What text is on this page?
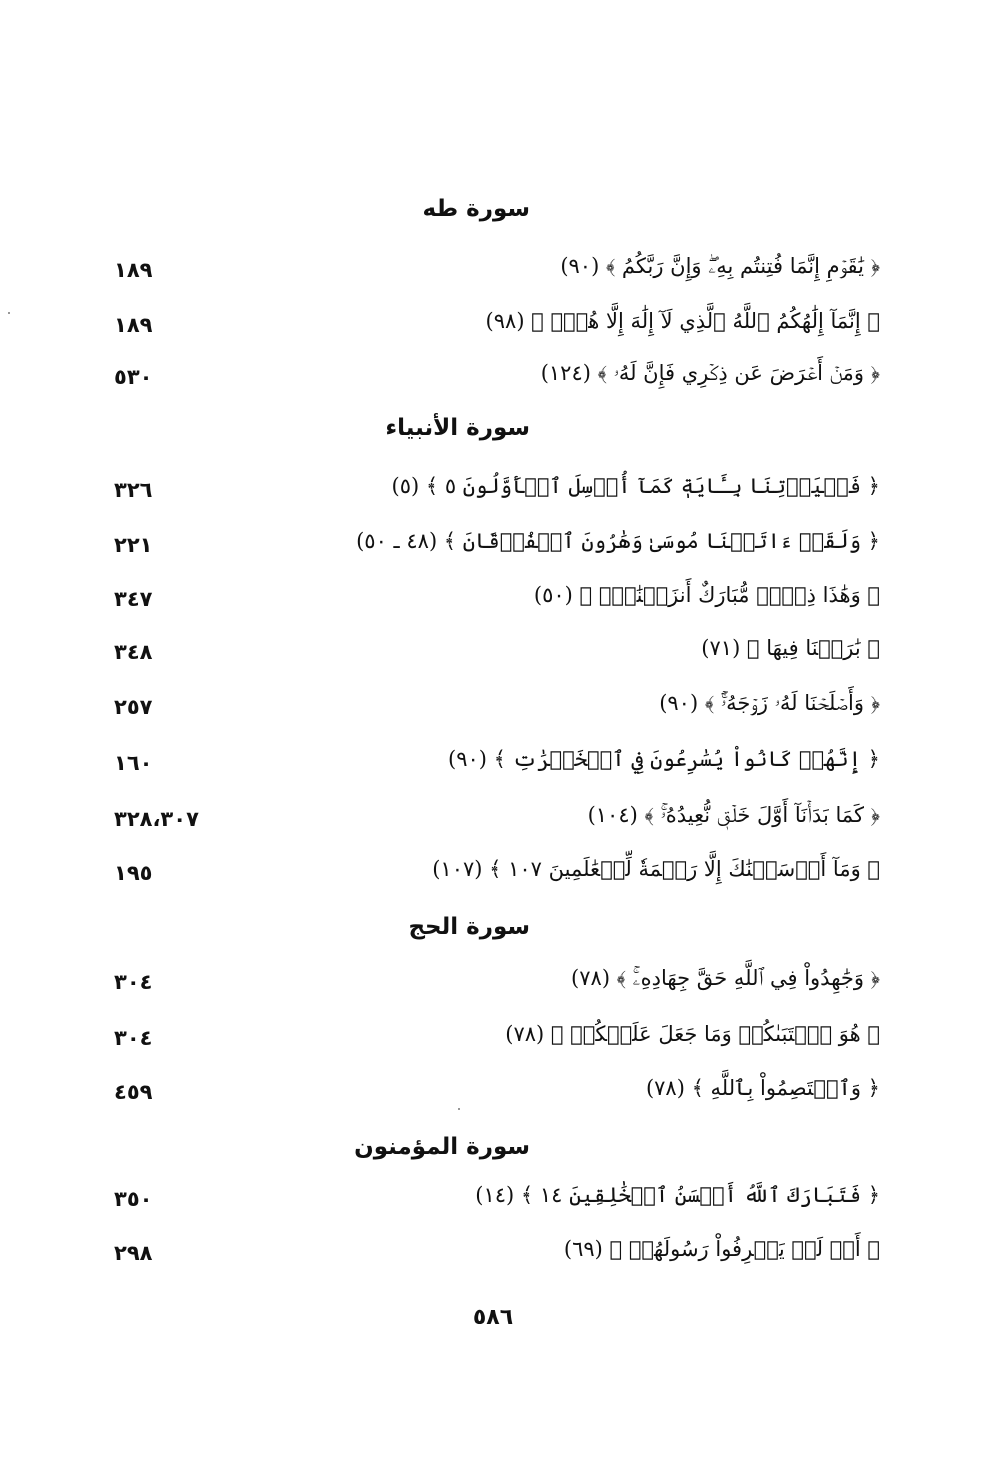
سورة طه
﴿ يَٰقَوۡمِ إِنَّمَا فُتِنتُم بِهِۦۖ وَإِنَّ رَبَّكُمُ ﴾ (٩٠)
١٨٩
﴿ إِنَّمَآ إِلَٰهُكُمُ ٱللَّهُ ٱلَّذِي لَآ إِلَٰهَ إِلَّا هُوَۚ ﴾ (٩٨)
١٨٩
﴿ وَمَنۡ أَعۡرَضَ عَن ذِكۡرِي فَإِنَّ لَهُۥ ﴾ (١٢٤)
٥٣٠
سورة الأنبياء
﴿ فَلۡيَأۡتِنَا بِـَٔايَةٖ كَمَآ أُرۡسِلَ ٱلۡأَوَّلُونَ ٥ ﴾ (٥)
٣٢٦
﴿ وَلَقَدۡ ءَاتَيۡنَا مُوسَىٰ وَهَٰرُونَ ٱلۡفُرۡقَانَ ﴾ (٤٨ ـ ٥٠)
٢٢١
﴿ وَهَٰذَا ذِكۡرٞ مُّبَارَكٌ أَنزَلۡنَٰهُۚ ﴾ (٥٠)
٣٤٧
﴿ بَٰرَكۡنَا فِيهَا ﴾ (٧١)
٣٤٨
﴿ وَأَصۡلَحۡنَا لَهُۥ زَوۡجَهُۥٓۚ ﴾ (٩٠)
٢٥٧
﴿ إِنَّهُمۡ كَانُواْ يُسَٰرِعُونَ فِي ٱلۡخَيۡرَٰتِ ﴾ (٩٠)
١٦٠
﴿ كَمَا بَدَأۡنَآ أَوَّلَ خَلۡقٖ نُّعِيدُهُۥۚ ﴾ (١٠٤)
٣٢٨،٣٠٧
﴿ وَمَآ أَرۡسَلۡنَٰكَ إِلَّا رَحۡمَةٗ لِّلۡعَٰلَمِينَ ١٠٧ ﴾ (١٠٧)
١٩٥
سورة الحج
﴿ وَجَٰهِدُواْ فِي ٱللَّهِ حَقَّ جِهَادِهِۦۚ ﴾ (٧٨)
٣٠٤
﴿ هُوَ ٱجۡتَبَىٰكُمۡ وَمَا جَعَلَ عَلَيۡكُمۡ ﴾ (٧٨)
٣٠٤
﴿ وَٱعۡتَصِمُواْ بِٱللَّهِ ﴾ (٧٨)
٤٥٩
سورة المؤمنون
﴿ فَتَبَارَكَ ٱللَّهُ أَحۡسَنُ ٱلۡخَٰلِقِينَ ١٤ ﴾ (١٤)
٣٥٠
﴿ أَمۡ لَمۡ يَعۡرِفُواْ رَسُولَهُمۡ ﴾ (٦٩)
٢٩٨
٥٨٦
